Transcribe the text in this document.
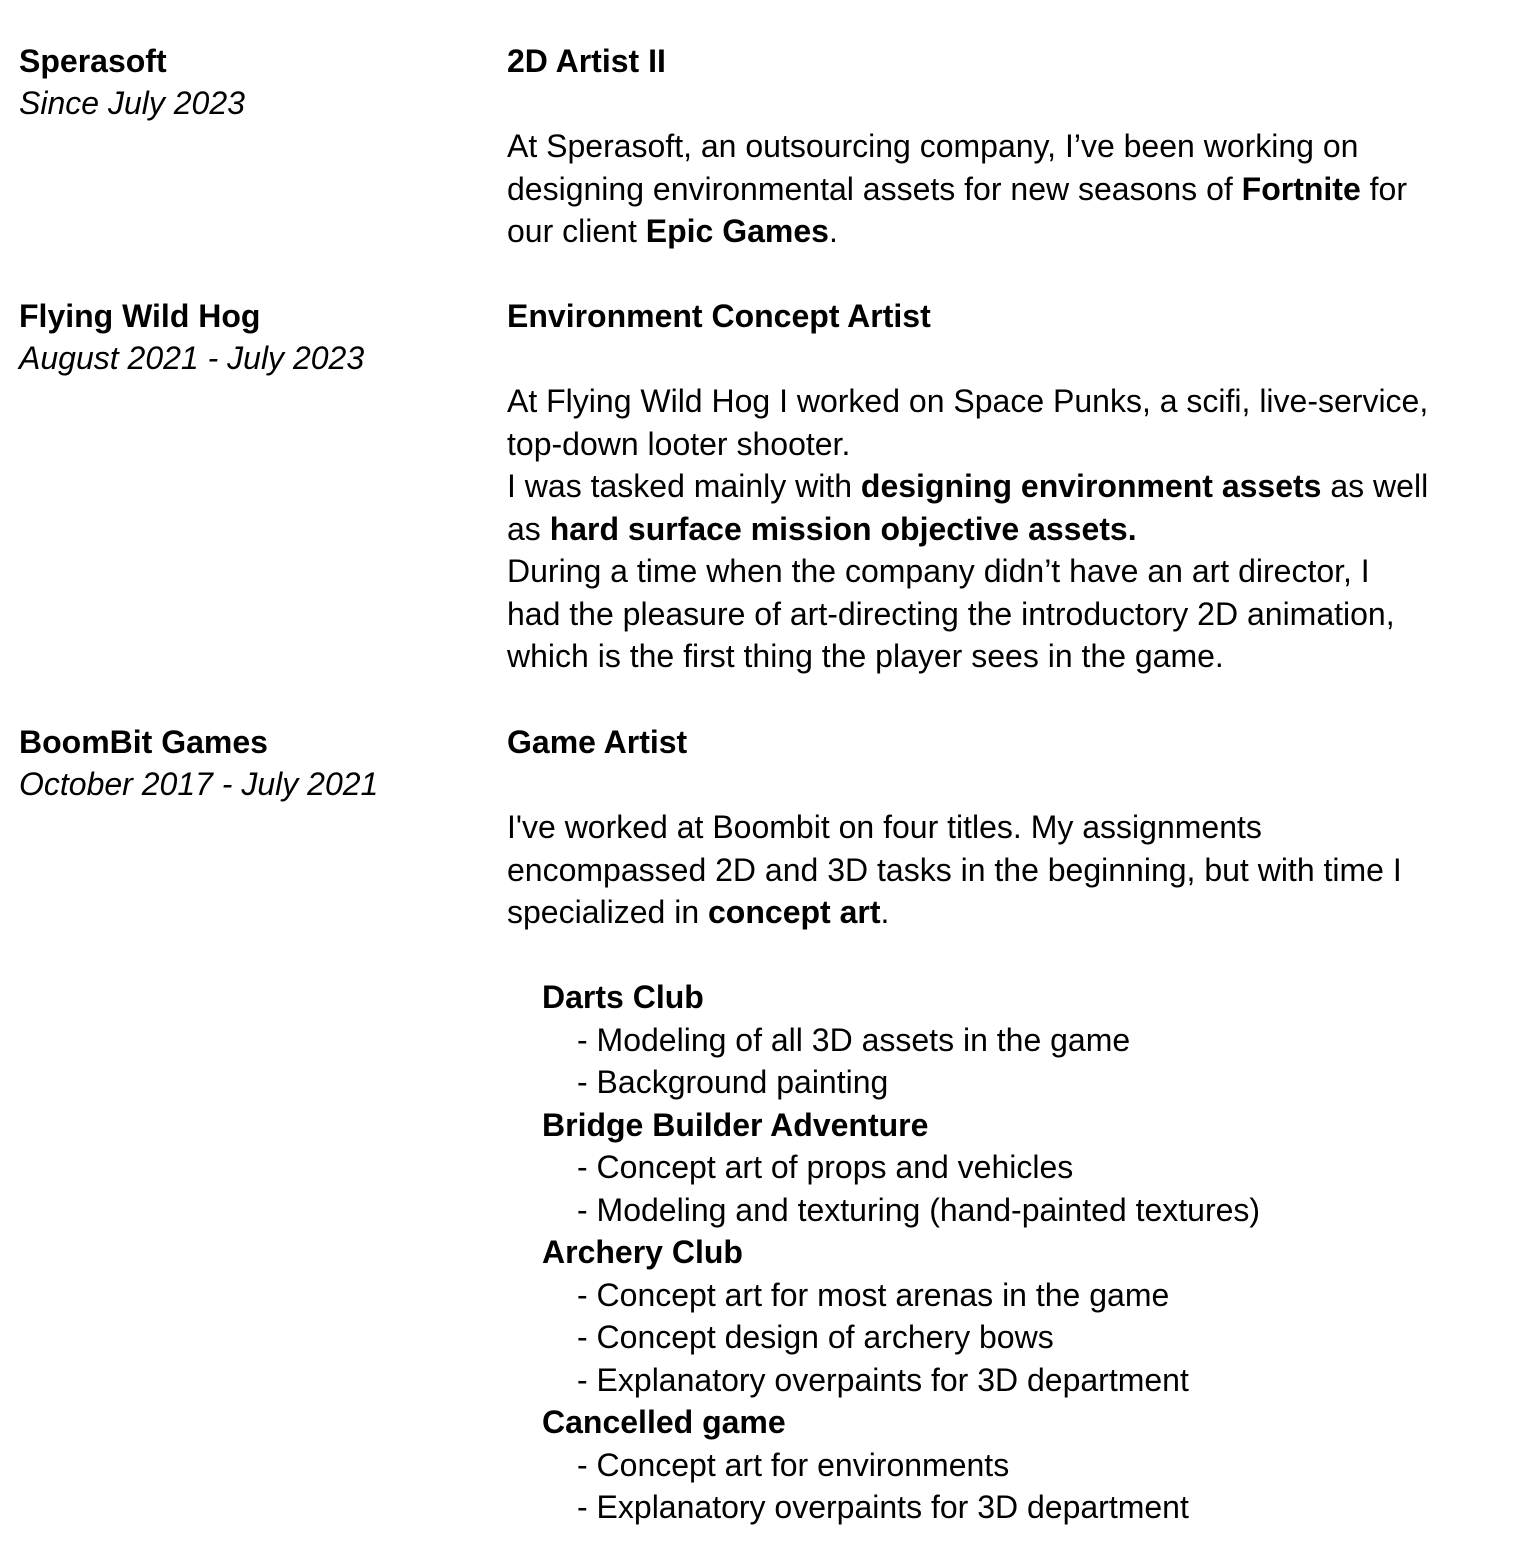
Sperasoft
Since July 2023
2D Artist II
At Sperasoft, an outsourcing company, I’ve been working on
designing environmental assets for new seasons of Fortnite for
our client Epic Games.
Flying Wild Hog
August 2021 - July 2023
Environment Concept Artist
At Flying Wild Hog I worked on Space Punks, a scifi, live-service,
top-down looter shooter.
I was tasked mainly with designing environment assets as well
as hard surface mission objective assets.
During a time when the company didn’t have an art director, I
had the pleasure of art-directing the introductory 2D animation,
which is the first thing the player sees in the game.
BoomBit Games
October 2017 - July 2021
Game Artist
I've worked at Boombit on four titles. My assignments
encompassed 2D and 3D tasks in the beginning, but with time I
specialized in concept art.
Darts Club
- Modeling of all 3D assets in the game
- Background painting
Bridge Builder Adventure
- Concept art of props and vehicles
- Modeling and texturing (hand-painted textures)
Archery Club
- Concept art for most arenas in the game
- Concept design of archery bows
- Explanatory overpaints for 3D department
Cancelled game
- Concept art for environments
- Explanatory overpaints for 3D department
